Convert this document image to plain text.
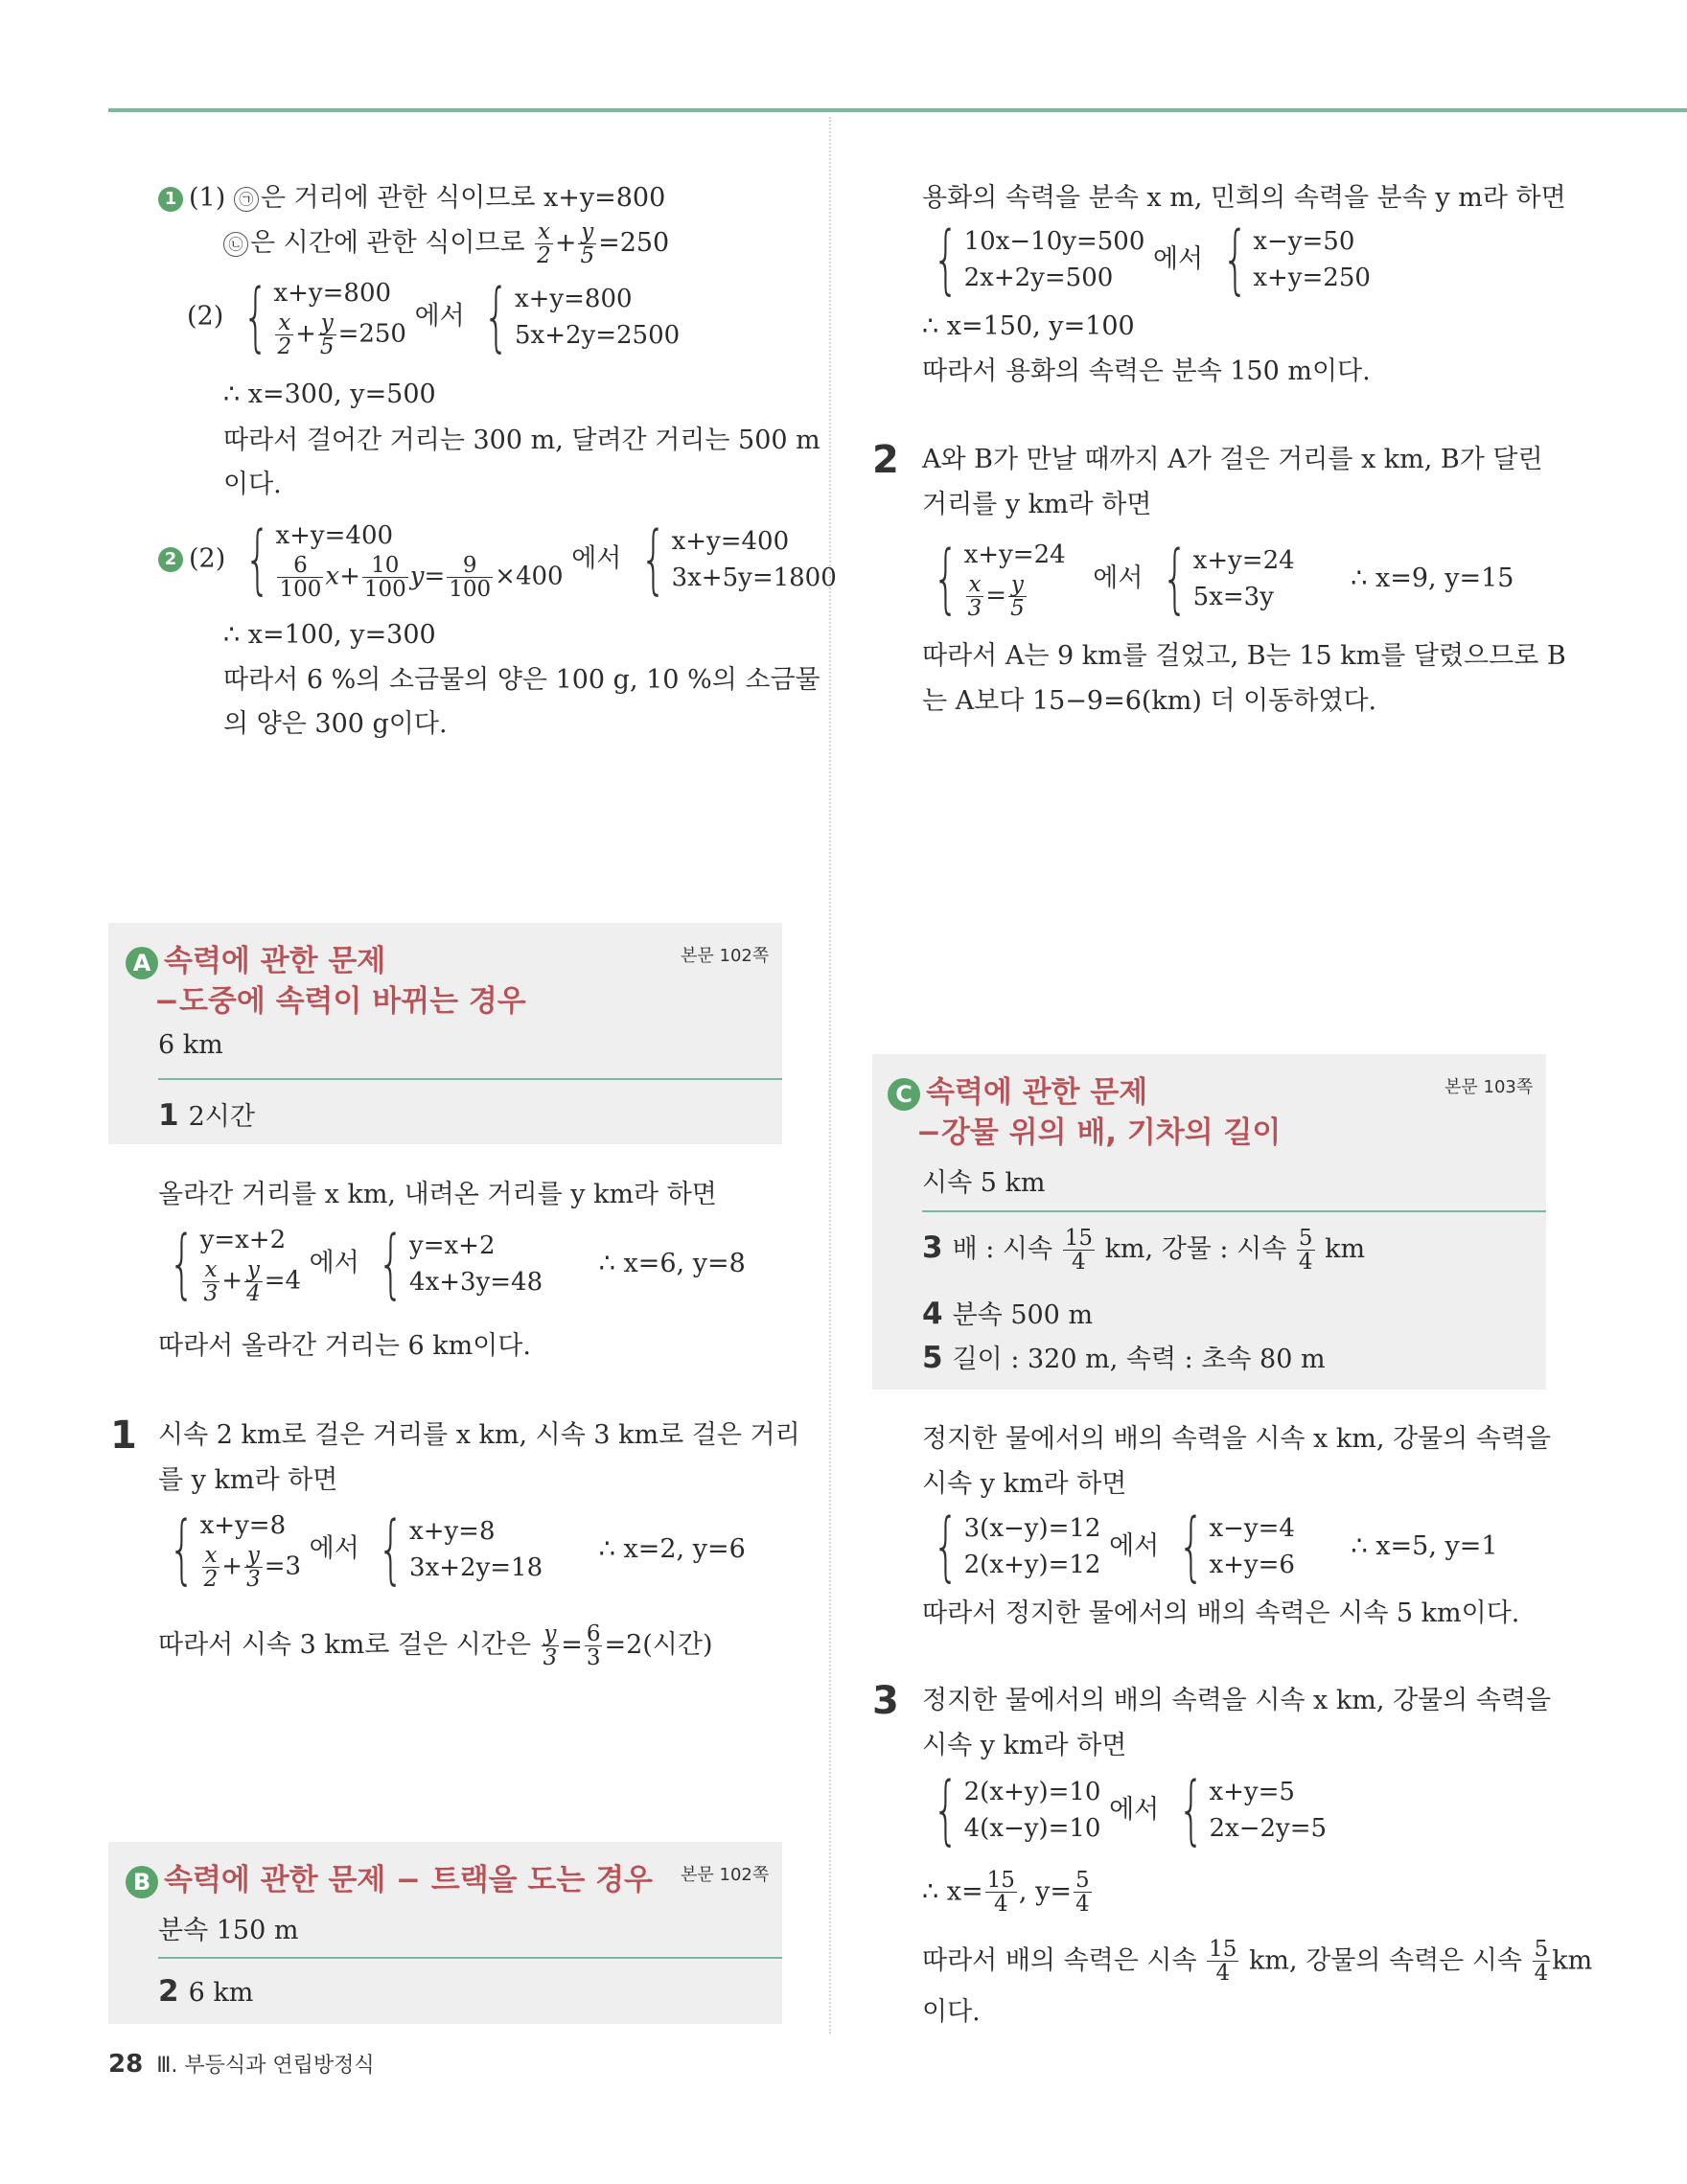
1 (1) ㉠ 은 거리에 관한 식이므로 x+y=800
㉡ 은 시간에 관한 식이므로 $\frac{x}{2} + \frac{y}{5} =250$
(2) { x+y=800
$\frac{x}{2} + \frac{y}{5} =250$
에서 { x+y=800
5x+2y=2500
∴ x=300, y=500
따라서 걸어간 거리는 300 m, 달려간 거리는 500 m
이다.
2 (2) { x+y=400
$\frac{6}{100} x+ \frac{10}{100} y= \frac{9}{100} \times 400$
에서 { x+y=400
3x+5y=1800
∴ x=100, y=300
따라서 6 %의 소금물의 양은 100 g, 10 %의 소금물
의 양은 300 g이다.
A 속력에 관한 문제
−도중에 속력이 바뀌는 경우
본문 102쪽
6 km
1 2시간
올라간 거리를 x km, 내려온 거리를 y km라 하면
{ y=x+2
$\frac{x}{3} + \frac{y}{4} =4$
에서 { y=x+2
4x+3y=48
∴ x=6, y=8
따라서 올라간 거리는 6 km이다.
1 시속 2 km로 걸은 거리를 x km, 시속 3 km로 걸은 거리
를 y km라 하면
{ x+y=8
$\frac{x}{2} + \frac{y}{3} =3$
에서 { x+y=8
3x+2y=18
∴ x=2, y=6
따라서 시속 3 km로 걸은 시간은 $\frac{y}{3} = \frac{6}{3} =2$(시간)
B 속력에 관한 문제 − 트랙을 도는 경우 본문 102쪽
분속 150 m
2 6 km
용화의 속력을 분속 x m, 민희의 속력을 분속 y m라 하면
{ 10x−10y=500
2x+2y=500
에서 { x−y=50
x+y=250
∴ x=150, y=100
따라서 용화의 속력은 분속 150 m이다.
2 A와 B가 만날 때까지 A가 걸은 거리를 x km, B가 달린
거리를 y km라 하면
{ x+y=24
$\frac{x}{3} = \frac{y}{5}$	에서 { x+y=24
5x=3y
∴ x=9, y=15
따라서 A는 9 km를 걸었고, B는 15 km를 달렸으므로 B
는 A보다 15−9=6(km) 더 이동하였다.
C 속력에 관한 문제
−강물 위의 배, 기차의 길이
본문 103쪽
시속 5 km
3 배 : 시속 $\frac{15}{4}$ km, 강물 : 시속 $\frac{5}{4}$ km
4 분속 500 m
5 길이 : 320 m, 속력 : 초속 80 m
정지한 물에서의 배의 속력을 시속 x km, 강물의 속력을
시속 y km라 하면
{ 3(x−y)=12
2(x+y)=12
에서 { x−y=4
x+y=6
∴ x=5, y=1
따라서 정지한 물에서의 배의 속력은 시속 5 km이다.
3 정지한 물에서의 배의 속력을 시속 x km, 강물의 속력을
시속 y km라 하면
{ 2(x+y)=10
4(x−y)=10
에서 { x+y=5
2x−2y=5
∴ $x= \frac{15}{4}$ , $y= \frac{5}{4}$
따라서 배의 속력은 시속 $\frac{15}{4}$ km, 강물의 속력은 시속 $\frac{5}{4}$ km
이다.
28 Ⅲ. 부등식과 연립방정식
